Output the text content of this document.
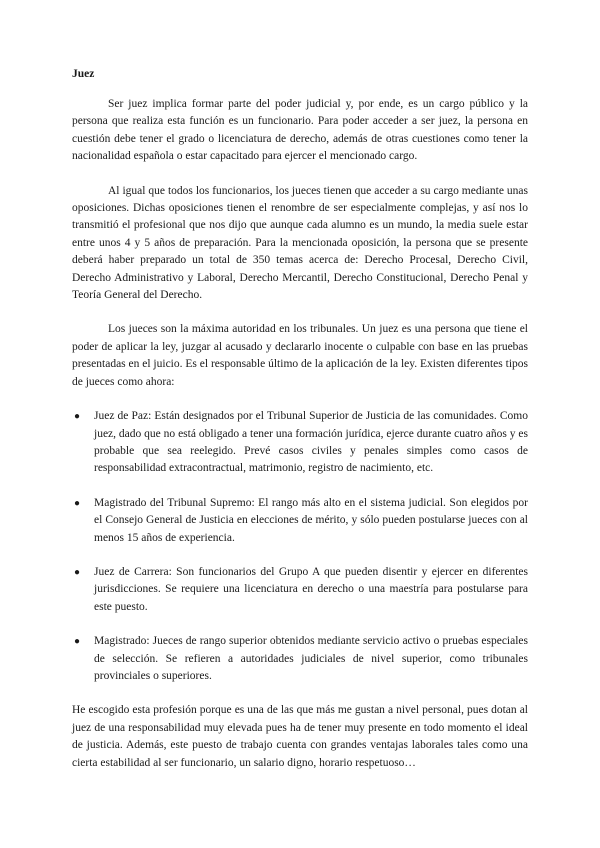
Juez

Ser juez implica formar parte del poder judicial y, por ende, es un cargo público y la persona que realiza esta función es un funcionario. Para poder acceder a ser juez, la persona en cuestión debe tener el grado o licenciatura de derecho, además de otras cuestiones como tener la nacionalidad española o estar capacitado para ejercer el mencionado cargo.

Al igual que todos los funcionarios, los jueces tienen que acceder a su cargo mediante unas oposiciones. Dichas oposiciones tienen el renombre de ser especialmente complejas, y así nos lo transmitió el profesional que nos dijo que aunque cada alumno es un mundo, la media suele estar entre unos 4 y 5 años de preparación. Para la mencionada oposición, la persona que se presente deberá haber preparado un total de 350 temas acerca de: Derecho Procesal, Derecho Civil, Derecho Administrativo y Laboral, Derecho Mercantil, Derecho Constitucional, Derecho Penal y Teoría General del Derecho.

Los jueces son la máxima autoridad en los tribunales. Un juez es una persona que tiene el poder de aplicar la ley, juzgar al acusado y declararlo inocente o culpable con base en las pruebas presentadas en el juicio. Es el responsable último de la aplicación de la ley. Existen diferentes tipos de jueces como ahora:

● Juez de Paz: Están designados por el Tribunal Superior de Justicia de las comunidades. Como juez, dado que no está obligado a tener una formación jurídica, ejerce durante cuatro años y es probable que sea reelegido. Prevé casos civiles y penales simples como casos de responsabilidad extracontractual, matrimonio, registro de nacimiento, etc.
● Magistrado del Tribunal Supremo: El rango más alto en el sistema judicial. Son elegidos por el Consejo General de Justicia en elecciones de mérito, y sólo pueden postularse jueces con al menos 15 años de experiencia.
● Juez de Carrera: Son funcionarios del Grupo A que pueden disentir y ejercer en diferentes jurisdicciones. Se requiere una licenciatura en derecho o una maestría para postularse para este puesto.
● Magistrado: Jueces de rango superior obtenidos mediante servicio activo o pruebas especiales de selección. Se refieren a autoridades judiciales de nivel superior, como tribunales provinciales o superiores.

He escogido esta profesión porque es una de las que más me gustan a nivel personal, pues dotan al juez de una responsabilidad muy elevada pues ha de tener muy presente en todo momento el ideal de justicia. Además, este puesto de trabajo cuenta con grandes ventajas laborales tales como una cierta estabilidad al ser funcionario, un salario digno, horario respetuoso…
